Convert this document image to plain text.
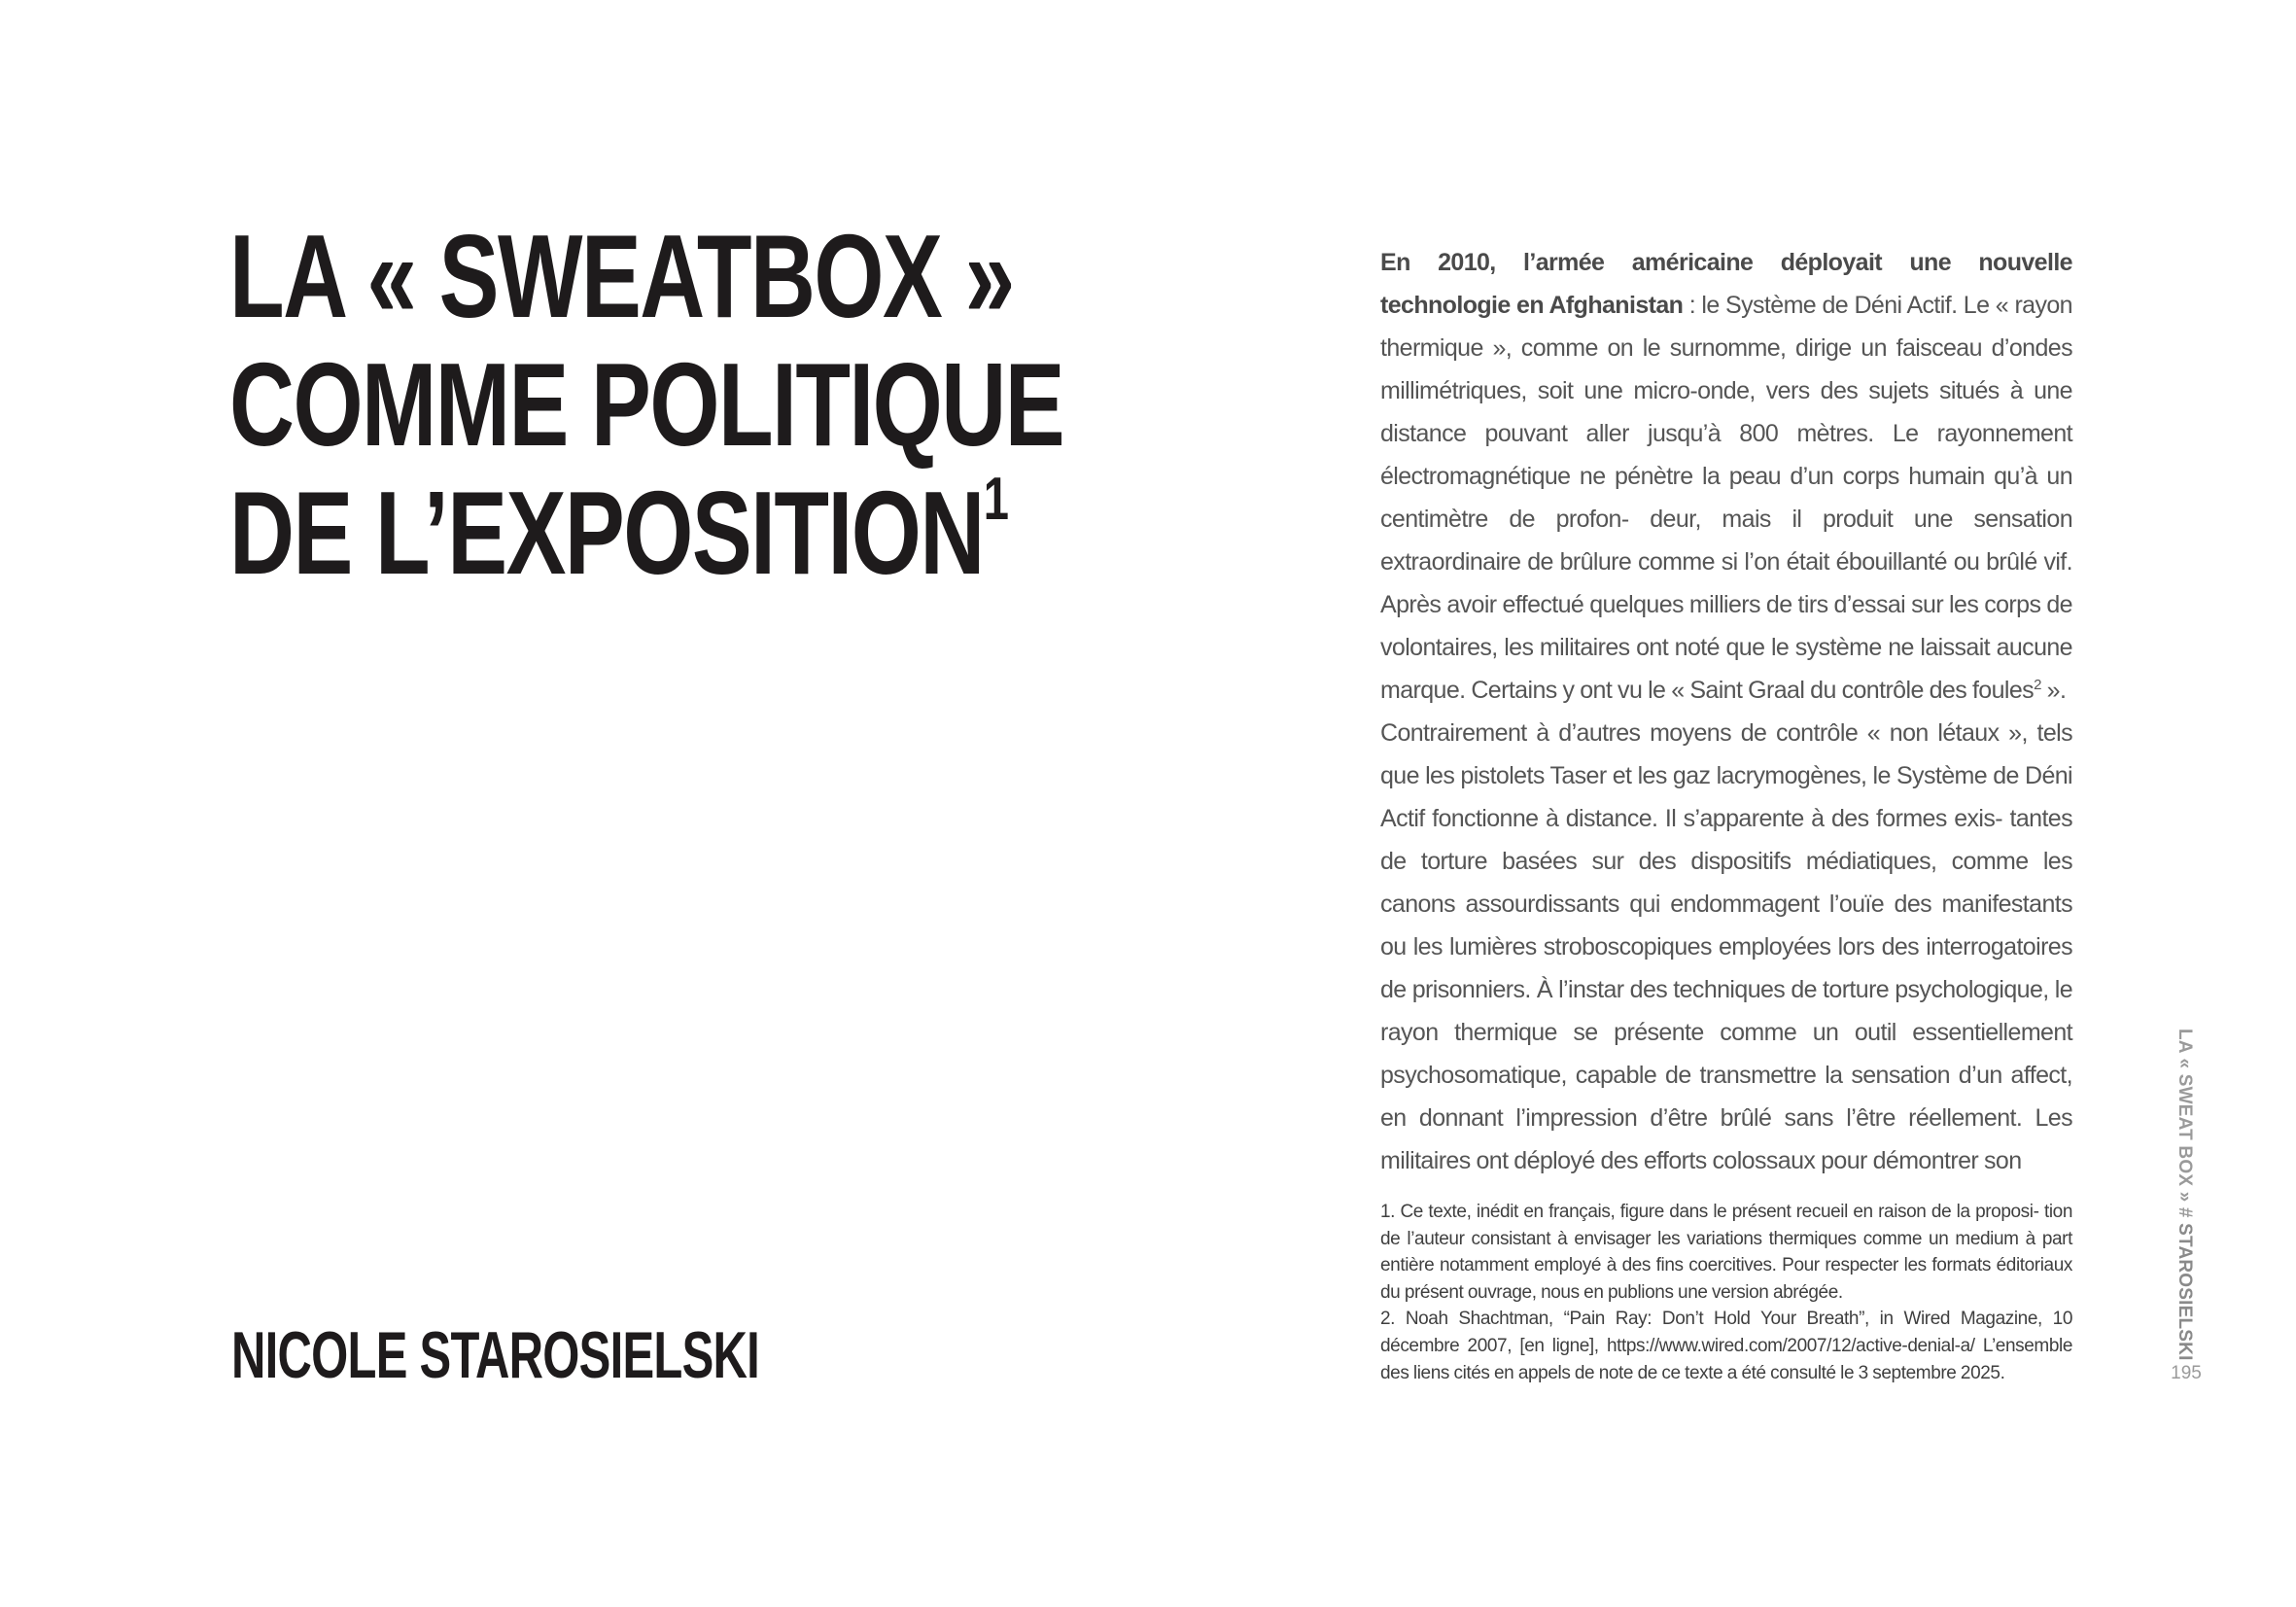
LA « SWEATBOX »
COMME POLITIQUE
DE L’EXPOSITION$^1$
NICOLE STAROSIELSKI

En 2010, l’armée américaine déployait une nouvelle technologie en Afghanistan : le Système de Déni Actif. Le « rayon thermique », comme on le surnomme, dirige un faisceau d’ondes millimétriques, soit une micro-onde, vers des sujets situés à une distance pouvant aller jusqu’à 800 mètres. Le rayonnement électromagnétique ne pénètre la peau d’un corps humain qu’à un centimètre de profon- deur, mais il produit une sensation extraordinaire de brûlure comme si l’on était ébouillanté ou brûlé vif. Après avoir effectué quelques milliers de tirs d’essai sur les corps de volontaires, les militaires ont noté que le système ne laissait aucune marque. Certains y ont vu le « Saint Graal du contrôle des foules$^2$ ».

Contrairement à d’autres moyens de contrôle « non létaux », tels que les pistolets Taser et les gaz lacrymogènes, le Système de Déni Actif fonctionne à distance. Il s’apparente à des formes exis- tantes de torture basées sur des dispositifs médiatiques, comme les canons assourdissants qui endommagent l’ouïe des manifestants ou les lumières stroboscopiques employées lors des interrogatoires de prisonniers. À l’instar des techniques de torture psychologique, le rayon thermique se présente comme un outil essentiellement psychosomatique, capable de transmettre la sensation d’un affect, en donnant l’impression d’être brûlé sans l’être réellement. Les militaires ont déployé des efforts colossaux pour démontrer son

1. Ce texte, inédit en français, figure dans le présent recueil en raison de la proposi- tion de l’auteur consistant à envisager les variations thermiques comme un medium à part entière notamment employé à des fins coercitives. Pour respecter les formats éditoriaux du présent ouvrage, nous en publions une version abrégée.

2. Noah Shachtman, “Pain Ray: Don’t Hold Your Breath”, in Wired Magazine, 10 décembre 2007, [en ligne], https://www.wired.com/2007/12/active-denial-a/ L’ensemble des liens cités en appels de note de ce texte a été consulté le 3 septembre 2025.

LA « SWEAT BOX » # STAROSIELSKI
195
